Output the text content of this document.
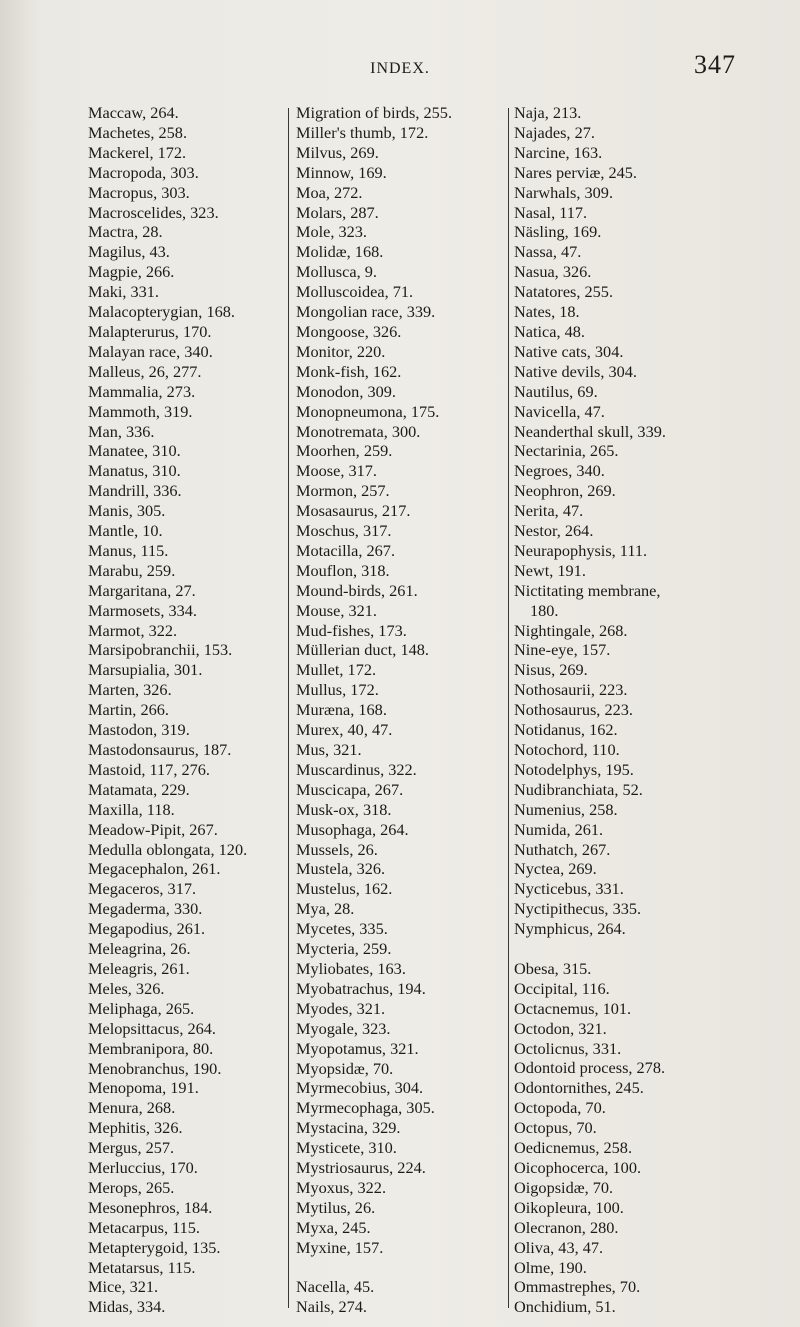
INDEX.	347
Maccaw, 264.
Machetes, 258.
Mackerel, 172.
Macropoda, 303.
Macropus, 303.
Macroscelides, 323.
Mactra, 28.
Magilus, 43.
Magpie, 266.
Maki, 331.
Malacopterygian, 168.
Malapterurus, 170.
Malayan race, 340.
Malleus, 26, 277.
Mammalia, 273.
Mammoth, 319.
Man, 336.
Manatee, 310.
Manatus, 310.
Mandrill, 336.
Manis, 305.
Mantle, 10.
Manus, 115.
Marabu, 259.
Margaritana, 27.
Marmosets, 334.
Marmot, 322.
Marsipobranchii, 153.
Marsupialia, 301.
Marten, 326.
Martin, 266.
Mastodon, 319.
Mastodonsaurus, 187.
Mastoid, 117, 276.
Matamata, 229.
Maxilla, 118.
Meadow-Pipit, 267.
Medulla oblongata, 120.
Megacephalon, 261.
Megaceros, 317.
Megaderma, 330.
Megapodius, 261.
Meleagrina, 26.
Meleagris, 261.
Meles, 326.
Meliphaga, 265.
Melopsittacus, 264.
Membranipora, 80.
Menobranchus, 190.
Menopoma, 191.
Menura, 268.
Mephitis, 326.
Mergus, 257.
Merluccius, 170.
Merops, 265.
Mesonephros, 184.
Metacarpus, 115.
Metapterygoid, 135.
Metatarsus, 115.
Mice, 321.
Midas, 334.
Migration of birds, 255.
Miller's thumb, 172.
Milvus, 269.
Minnow, 169.
Moa, 272.
Molars, 287.
Mole, 323.
Molidæ, 168.
Mollusca, 9.
Molluscoidea, 71.
Mongolian race, 339.
Mongoose, 326.
Monitor, 220.
Monk-fish, 162.
Monodon, 309.
Monopneumona, 175.
Monotremata, 300.
Moorhen, 259.
Moose, 317.
Mormon, 257.
Mosasaurus, 217.
Moschus, 317.
Motacilla, 267.
Mouflon, 318.
Mound-birds, 261.
Mouse, 321.
Mud-fishes, 173.
Müllerian duct, 148.
Mullet, 172.
Mullus, 172.
Muræna, 168.
Murex, 40, 47.
Mus, 321.
Muscardinus, 322.
Muscicapa, 267.
Musk-ox, 318.
Musophaga, 264.
Mussels, 26.
Mustela, 326.
Mustelus, 162.
Mya, 28.
Mycetes, 335.
Mycteria, 259.
Myliobates, 163.
Myobatrachus, 194.
Myodes, 321.
Myogale, 323.
Myopotamus, 321.
Myopsidæ, 70.
Myrmecobius, 304.
Myrmecophaga, 305.
Mystacina, 329.
Mysticete, 310.
Mystriosaurus, 224.
Myoxus, 322.
Mytilus, 26.
Myxa, 245.
Myxine, 157.
Nacella, 45.
Nails, 274.
Naja, 213.
Najades, 27.
Narcine, 163.
Nares perviæ, 245.
Narwhals, 309.
Nasal, 117.
Näsling, 169.
Nassa, 47.
Nasua, 326.
Natatores, 255.
Nates, 18.
Natica, 48.
Native cats, 304.
Native devils, 304.
Nautilus, 69.
Navicella, 47.
Neanderthal skull, 339.
Nectarinia, 265.
Negroes, 340.
Neophron, 269.
Nerita, 47.
Nestor, 264.
Neurapophysis, 111.
Newt, 191.
Nictitating membrane,
180.
Nightingale, 268.
Nine-eye, 157.
Nisus, 269.
Nothosaurii, 223.
Nothosaurus, 223.
Notidanus, 162.
Notochord, 110.
Notodelphys, 195.
Nudibranchiata, 52.
Numenius, 258.
Numida, 261.
Nuthatch, 267.
Nyctea, 269.
Nycticebus, 331.
Nyctipithecus, 335.
Nymphicus, 264.
Obesa, 315.
Occipital, 116.
Octacnemus, 101.
Octodon, 321.
Octolicnus, 331.
Odontoid process, 278.
Odontornithes, 245.
Octopoda, 70.
Octopus, 70.
Oedicnemus, 258.
Oicophocerca, 100.
Oigopsidæ, 70.
Oikopleura, 100.
Olecranon, 280.
Oliva, 43, 47.
Olme, 190.
Ommastrephes, 70.
Onchidium, 51.
